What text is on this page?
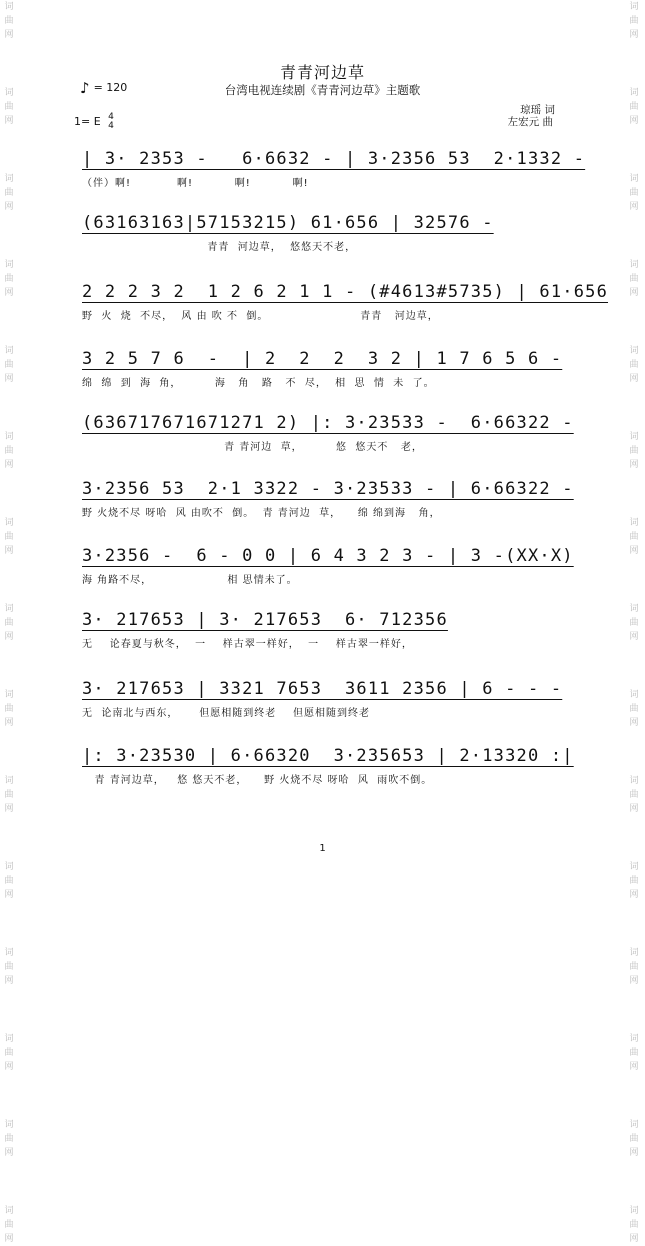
词曲网
词曲网
词曲网
词曲网
词曲网
词曲网
词曲网
词曲网
词曲网
词曲网
词曲网
词曲网
词曲网
词曲网
词曲网
词曲网
词曲网
词曲网
词曲网
词曲网
词曲网
词曲网
词曲网
词曲网
词曲网
词曲网
词曲网
词曲网
词曲网
词曲网
青青河边草
台湾电视连续剧《青青河边草》主题歌
♪ = 120
1= E 4
4
琼瑶 词
左宏元 曲
| 3· 2353 -   6·6632 - | 3·2356 53  2·1332 -
（伴）啊!           啊!          啊!          啊!
(63163163|57153215) 61·656 | 32576 -
青青  河边草，  悠悠天不老，
2 2 2 3 2  1 2 6 2 1 1 - (#4613#5735) | 61·656
野  火  烧  不尽，  风 由 吹 不  倒。                      青青   河边草，
3 2 5 7 6  -  | 2  2  2  3 2 | 1 7 6 5 6 -
绵  绵  到  海  角，        海   角   路   不  尽，  相  思  情  未  了。
(636717671671271 2) |: 3·23533 -  6·66322 -
青 青河边  草，        悠  悠天不   老，
3·2356 53  2·1 3322 - 3·23533 - | 6·66322 -
野 火烧不尽 呀哈  风 由吹不  倒。  青 青河边  草，    绵 绵到海   角，
3·2356 -  6 - 0 0 | 6 4 3 2 3 - | 3 -(XX·X)
海 角路不尽，                  相 思情未了。
3· 217653 | 3· 217653  6· 712356
无    论春夏与秋冬，  一    样古翠一样好，  一    样古翠一样好，
3· 217653 | 3321 7653  3611 2356 | 6 - - -
无  论南北与西东，     但愿相随到终老    但愿相随到终老
|: 3·23530 | 6·66320  3·235653 | 2·13320 :|
青 青河边草，   悠 悠天不老，    野 火烧不尽 呀哈  风  雨吹不倒。
1
